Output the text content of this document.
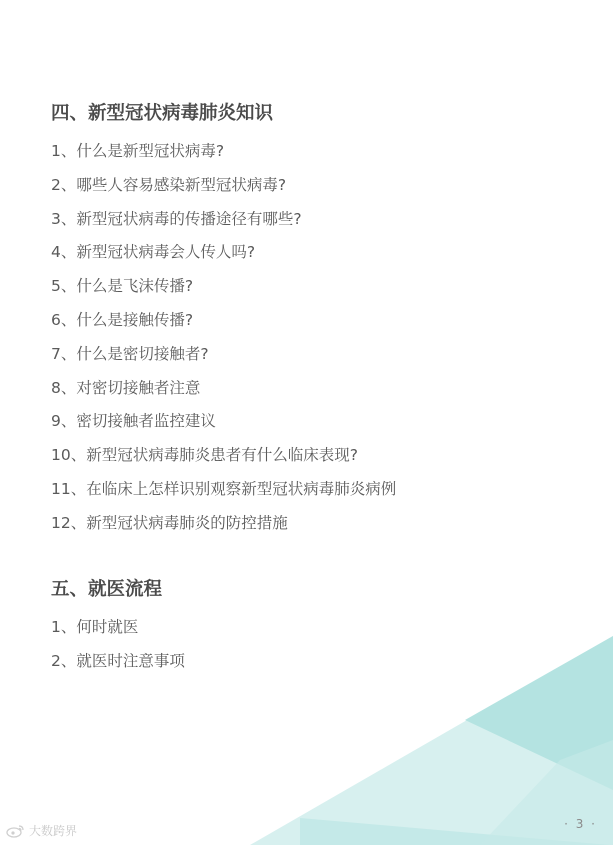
四、新型冠状病毒肺炎知识
1、什么是新型冠状病毒?
2、哪些人容易感染新型冠状病毒?
3、新型冠状病毒的传播途径有哪些?
4、新型冠状病毒会人传人吗?
5、什么是飞沫传播?
6、什么是接触传播?
7、什么是密切接触者?
8、对密切接触者注意
9、密切接触者监控建议
10、新型冠状病毒肺炎患者有什么临床表现?
11、在临床上怎样识别观察新型冠状病毒肺炎病例
12、新型冠状病毒肺炎的防控措施
五、就医流程
1、何时就医
2、就医时注意事项
大数跨界	· 3 ·
